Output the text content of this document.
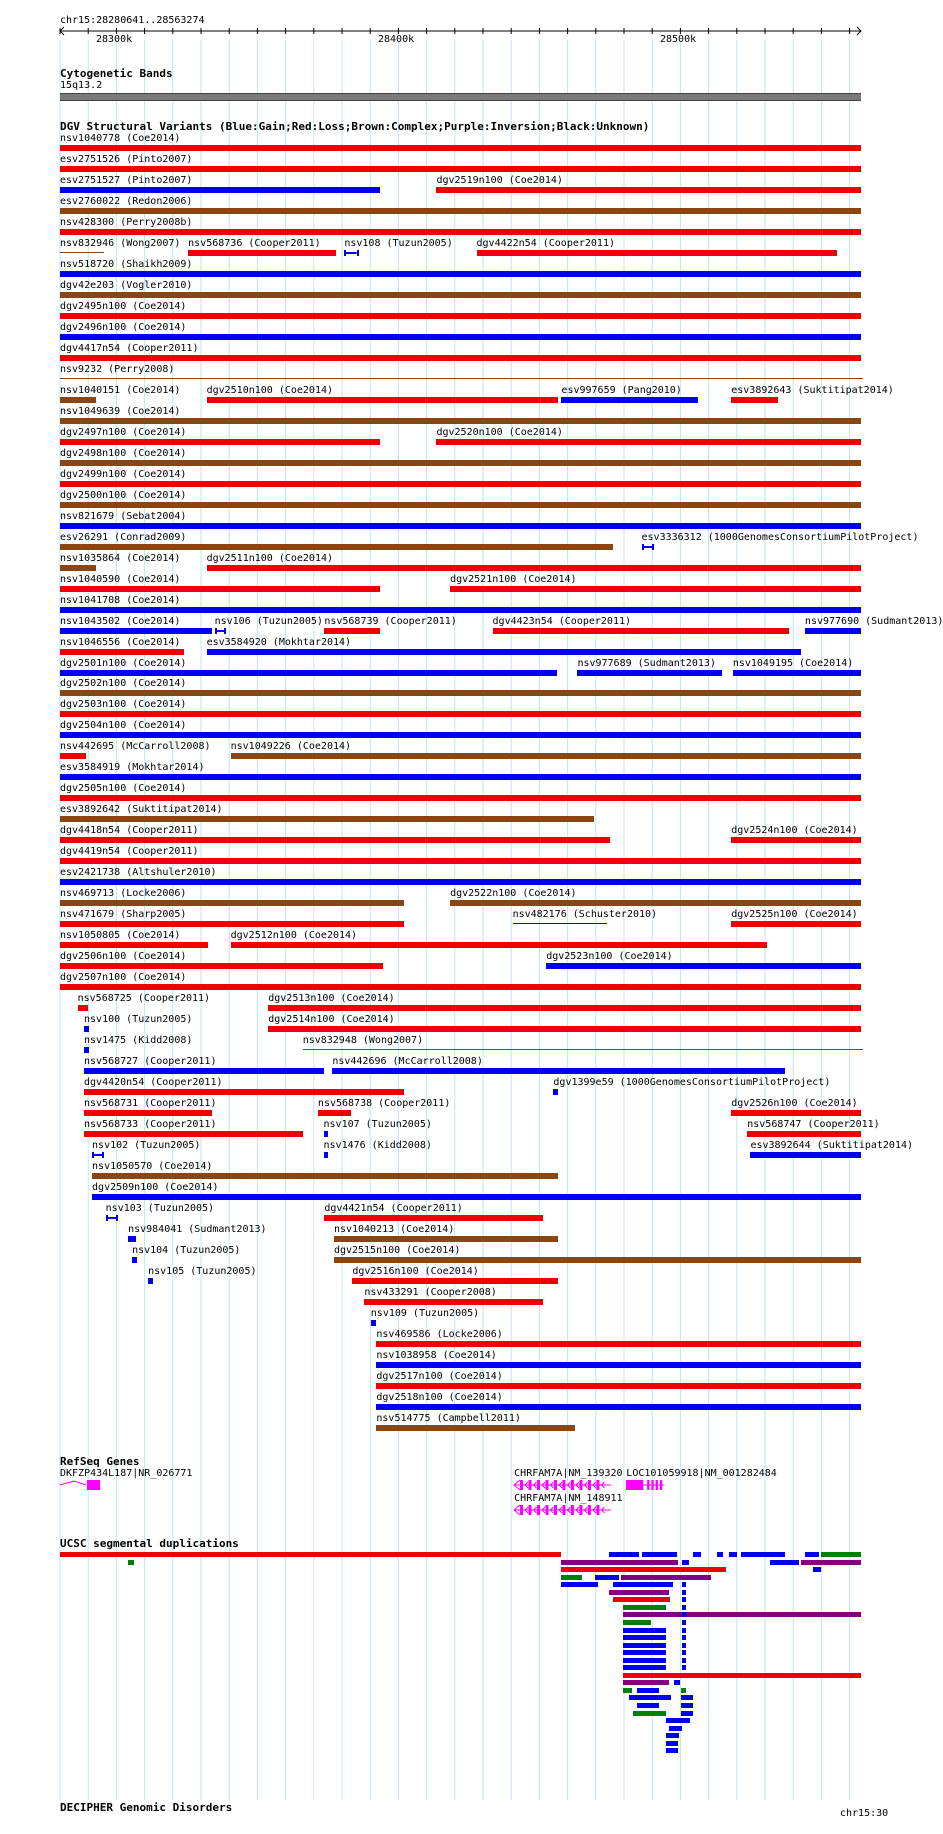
chr15:28280641..28563274
28300k	28400k	28500k
chr15:30
Cytogenetic Bands
15q13.2
DGV Structural Variants (Blue:Gain;Red:Loss;Brown:Complex;Purple:Inversion;Black:Unknown)
nsv1040778 (Coe2014)
esv2751526 (Pinto2007)
esv2751527 (Pinto2007)	dgv2519n100 (Coe2014)
esv2760022 (Redon2006)
nsv428300 (Perry2008b)
nsv832946 (Wong2007) nsv568736 (Cooper2011) nsv108 (Tuzun2005) dgv4422n54 (Cooper2011)
nsv518720 (Shaikh2009)
dgv42e203 (Vogler2010)
dgv2495n100 (Coe2014)
dgv2496n100 (Coe2014)
dgv4417n54 (Cooper2011)
nsv9232 (Perry2008)
nsv1040151 (Coe2014)	dgv2510n100 (Coe2014)	esv997659 (Pang2010)	esv3892643 (Suktitipat2014)
nsv1049639 (Coe2014)
dgv2497n100 (Coe2014)	dgv2520n100 (Coe2014)
dgv2498n100 (Coe2014)
dgv2499n100 (Coe2014)
dgv2500n100 (Coe2014)
nsv821679 (Sebat2004)
esv26291 (Conrad2009)	esv3336312 (1000GenomesConsortiumPilotProject)
nsv1035864 (Coe2014)	dgv2511n100 (Coe2014)
nsv1040590 (Coe2014)	dgv2521n100 (Coe2014)
nsv1041708 (Coe2014)
nsv1043502 (Coe2014)	nsv106 (Tuzun2005) nsv568739 (Cooper2011)	dgv4423n54 (Cooper2011)	nsv977690 (Sudmant2013)
nsv1046556 (Coe2014)	esv3584920 (Mokhtar2014)
dgv2501n100 (Coe2014)	nsv977689 (Sudmant2013) nsv1049195 (Coe2014)
dgv2502n100 (Coe2014)
dgv2503n100 (Coe2014)
dgv2504n100 (Coe2014)
nsv442695 (McCarroll2008) nsv1049226 (Coe2014)
esv3584919 (Mokhtar2014)
dgv2505n100 (Coe2014)
esv3892642 (Suktitipat2014)
dgv4418n54 (Cooper2011)	dgv2524n100 (Coe2014)
dgv4419n54 (Cooper2011)
esv2421738 (Altshuler2010)
nsv469713 (Locke2006)	dgv2522n100 (Coe2014)
nsv471679 (Sharp2005)	nsv482176 (Schuster2010)	dgv2525n100 (Coe2014)
nsv1050805 (Coe2014)	dgv2512n100 (Coe2014)
dgv2506n100 (Coe2014)	dgv2523n100 (Coe2014)
dgv2507n100 (Coe2014)
nsv568725 (Cooper2011)	dgv2513n100 (Coe2014)
nsv100 (Tuzun2005)	dgv2514n100 (Coe2014)
nsv1475 (Kidd2008)	nsv832948 (Wong2007)
nsv568727 (Cooper2011)	nsv442696 (McCarroll2008)
dgv4420n54 (Cooper2011)	dgv1399e59 (1000GenomesConsortiumPilotProject)
nsv568731 (Cooper2011)	nsv568738 (Cooper2011)	dgv2526n100 (Coe2014)
nsv568733 (Cooper2011)	nsv107 (Tuzun2005)	nsv568747 (Cooper2011)
nsv102 (Tuzun2005)	nsv1476 (Kidd2008)	esv3892644 (Suktitipat2014)
nsv1050570 (Coe2014)
dgv2509n100 (Coe2014)
nsv103 (Tuzun2005)	dgv4421n54 (Cooper2011)
nsv984041 (Sudmant2013)	nsv1040213 (Coe2014)
nsv104 (Tuzun2005)	dgv2515n100 (Coe2014)
nsv105 (Tuzun2005)	dgv2516n100 (Coe2014)
nsv433291 (Cooper2008)
nsv109 (Tuzun2005)
nsv469586 (Locke2006)
nsv1038958 (Coe2014)
dgv2517n100 (Coe2014)
dgv2518n100 (Coe2014)
nsv514775 (Campbell2011)
RefSeq Genes
DKFZP434L187|NR_026771	CHRFAM7A|NM_139320 LOC101059918|NM_001282484
CHRFAM7A|NM_148911
UCSC segmental duplications
DECIPHER Genomic Disorders
